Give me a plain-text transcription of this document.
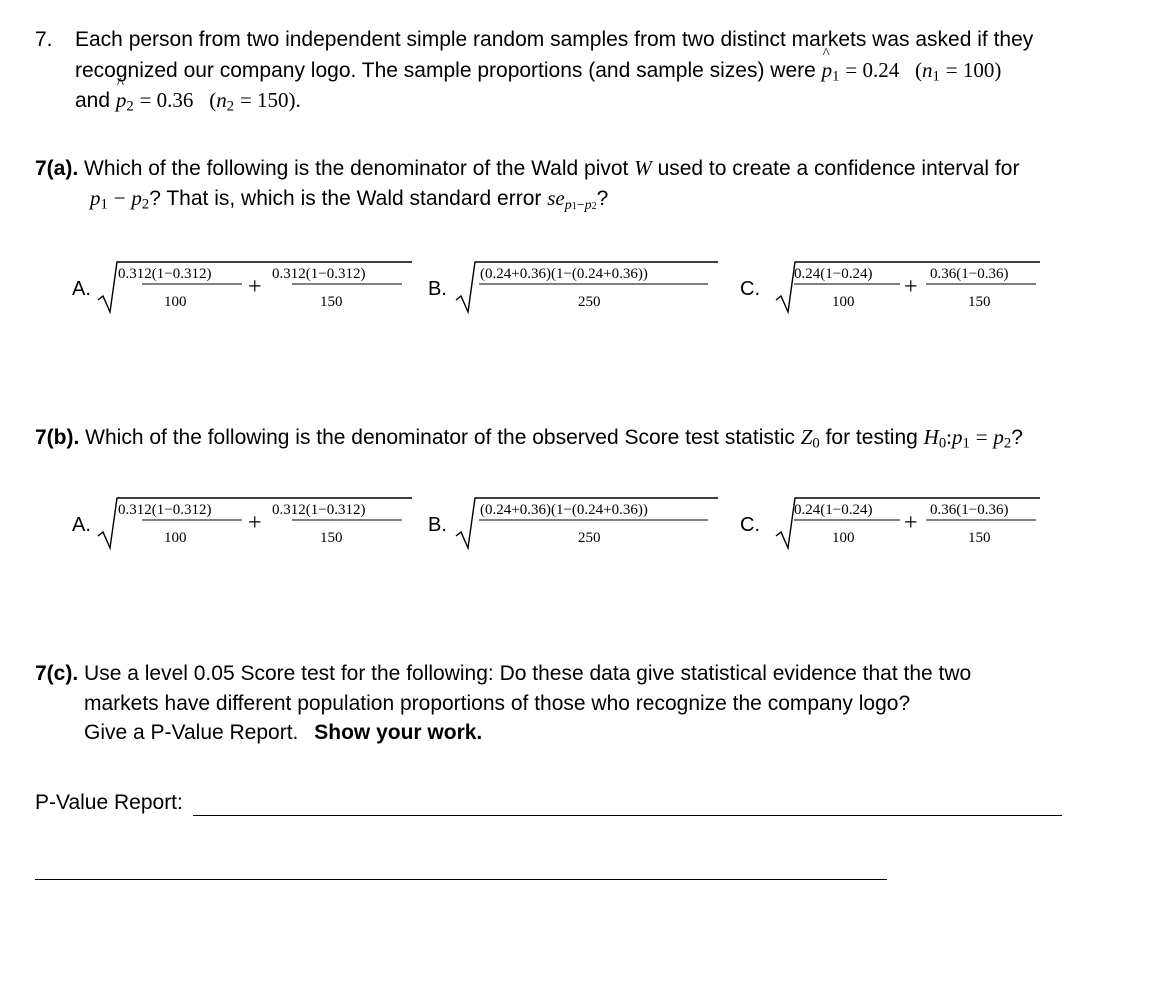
7. Each person from two independent simple random samples from two distinct markets was asked if they
recognized our company logo. The sample proportions (and sample sizes) were ^ $p_1 = 0.24$ $(n_1 = 100)$
and ^ $p_2 = 0.36$ $(n_2 = 150)$.
7(a). Which of the following is the denominator of the Wald pivot W used to create a confidence interval for
$p_1 - p_2$? That is, which is the Wald standard error $se_{p1-p2}$?
A.
0.312(1−0.312)
100
+ 0.312(1−0.312)
150
B.
(0.24+0.36)(1−(0.24+0.36))
250
C.
0.24(1−0.24)
100
+ 0.36(1−0.36)
150
7(b). Which of the following is the denominator of the observed Score test statistic $Z_0$ for testing $H_0:p_1 = p_2$?
A.
0.312(1−0.312)
100
+ 0.312(1−0.312)
150
B.
(0.24+0.36)(1−(0.24+0.36))
250
C.
0.24(1−0.24)
100
+ 0.36(1−0.36)
150
7(c). Use a level 0.05 Score test for the following: Do these data give statistical evidence that the two
markets have different population proportions of those who recognize the company logo?
Give a P-Value Report. Show your work.
P-Value Report:
